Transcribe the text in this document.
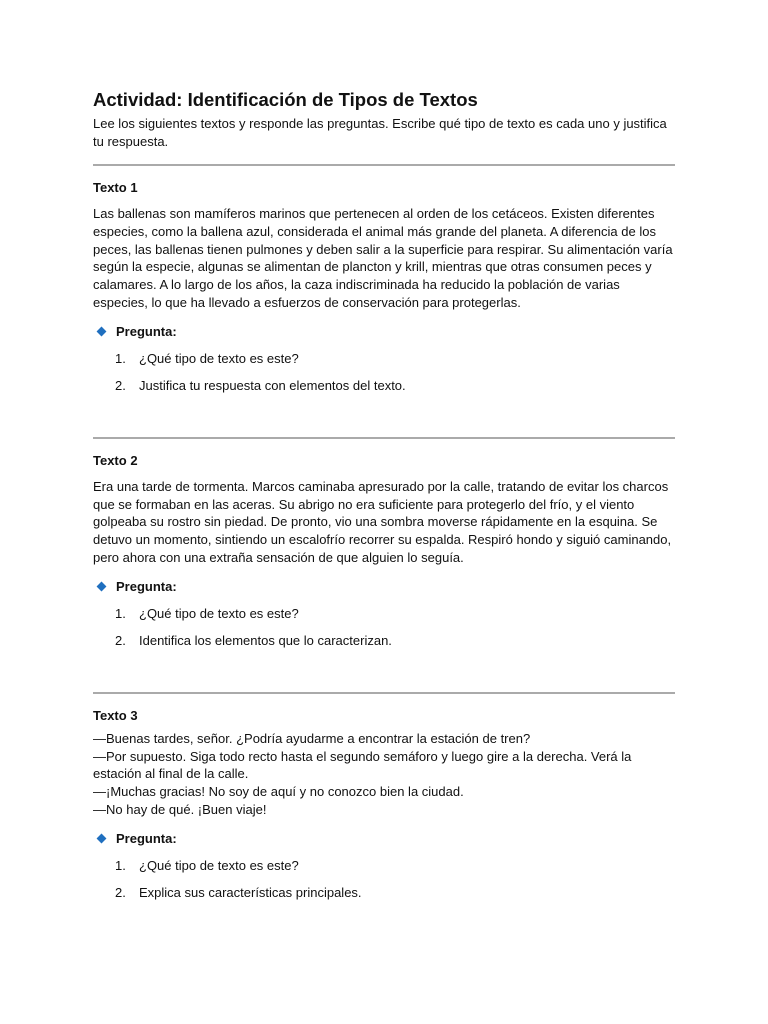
Actividad: Identificación de Tipos de Textos

Lee los siguientes textos y responde las preguntas. Escribe qué tipo de texto es cada uno y justifica tu respuesta.

Texto 1

Las ballenas son mamíferos marinos que pertenecen al orden de los cetáceos. Existen diferentes especies, como la ballena azul, considerada el animal más grande del planeta. A diferencia de los peces, las ballenas tienen pulmones y deben salir a la superficie para respirar. Su alimentación varía según la especie, algunas se alimentan de plancton y krill, mientras que otras consumen peces y calamares. A lo largo de los años, la caza indiscriminada ha reducido la población de varias especies, lo que ha llevado a esfuerzos de conservación para protegerlas.

Pregunta:
1.	¿Qué tipo de texto es este?
2.	Justifica tu respuesta con elementos del texto.

Texto 2

Era una tarde de tormenta. Marcos caminaba apresurado por la calle, tratando de evitar los charcos que se formaban en las aceras. Su abrigo no era suficiente para protegerlo del frío, y el viento golpeaba su rostro sin piedad. De pronto, vio una sombra moverse rápidamente en la esquina. Se detuvo un momento, sintiendo un escalofrío recorrer su espalda. Respiró hondo y siguió caminando, pero ahora con una extraña sensación de que alguien lo seguía.

Pregunta:
1.	¿Qué tipo de texto es este?
2.	Identifica los elementos que lo caracterizan.

Texto 3

—Buenas tardes, señor. ¿Podría ayudarme a encontrar la estación de tren?
—Por supuesto. Siga todo recto hasta el segundo semáforo y luego gire a la derecha. Verá la estación al final de la calle.
—¡Muchas gracias! No soy de aquí y no conozco bien la ciudad.
—No hay de qué. ¡Buen viaje!
Pregunta:
1.	¿Qué tipo de texto es este?
2.	Explica sus características principales.
